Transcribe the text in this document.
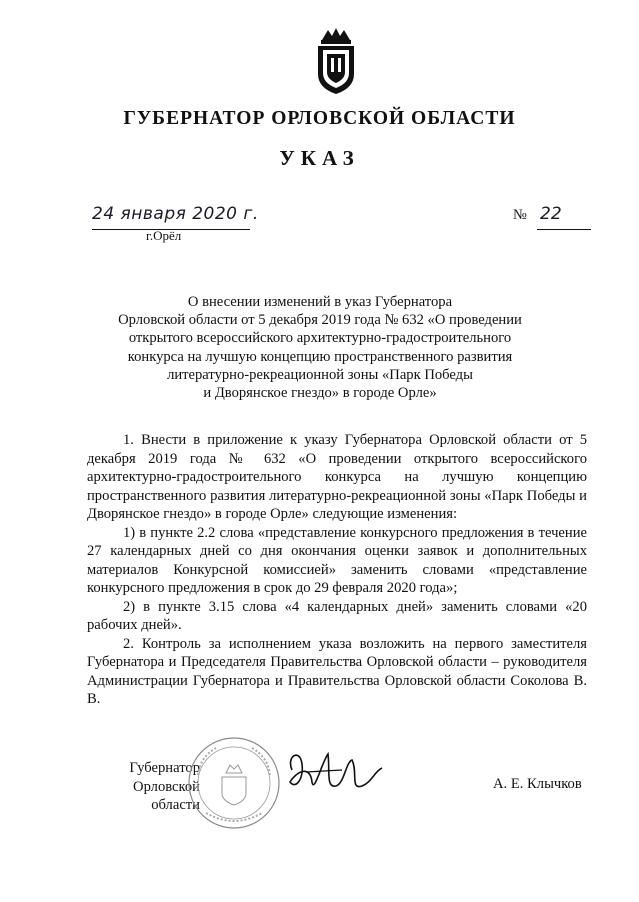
ГУБЕРНАТОР ОРЛОВСКОЙ ОБЛАСТИ
УКАЗ
24 января 2020 г.
г.Орёл
№ 22
О внесении изменений в указ Губернатора
Орловской области от 5 декабря 2019 года № 632 «О проведении
открытого всероссийского архитектурно-градостроительного
конкурса на лучшую концепцию пространственного развития
литературно-рекреационной зоны «Парк Победы
и Дворянское гнездо» в городе Орле»

1. Внести в приложение к указу Губернатора Орловской области от 5 декабря 2019 года № 632 «О проведении открытого всероссийского архитектурно-градостроительного конкурса на лучшую концепцию пространственного развития литературно-рекреационной зоны «Парк Победы и Дворянское гнездо» в городе Орле» следующие изменения:

1) в пункте 2.2 слова «представление конкурсного предложения в течение 27 календарных дней со дня окончания оценки заявок и дополнительных материалов Конкурсной комиссией» заменить словами «представление конкурсного предложения в срок до 29 февраля 2020 года»;

2) в пункте 3.15 слова «4 календарных дней» заменить словами «20 рабочих дней».

2. Контроль за исполнением указа возложить на первого заместителя Губернатора и Председателя Правительства Орловской области – руководителя Администрации Губернатора и Правительства Орловской области Соколова В. В.

Губернатор
Орловской области
А. Е. Клычков
